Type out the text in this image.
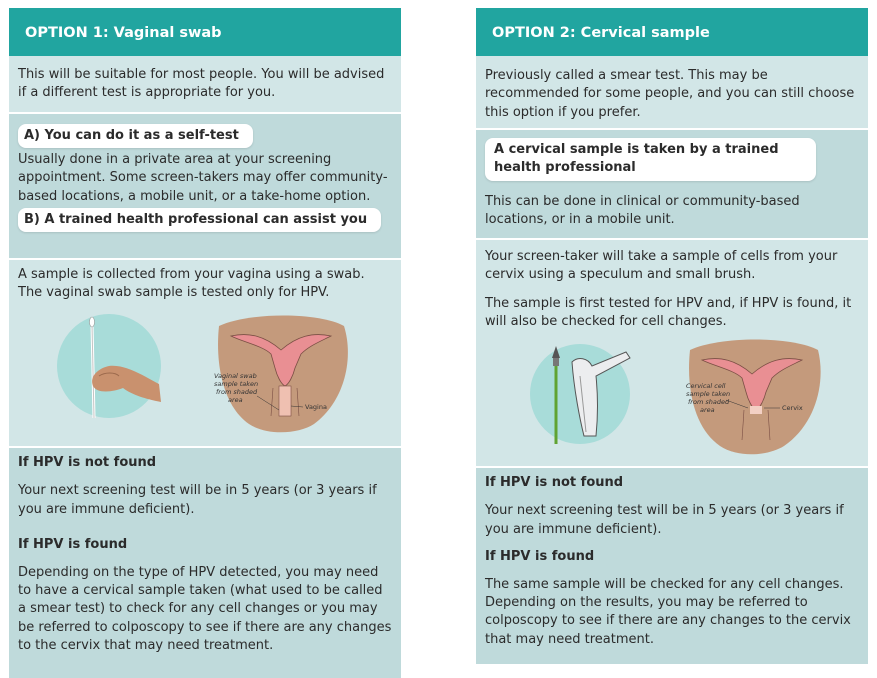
OPTION 1: Vaginal swab

This will be suitable for most people. You will be advised if a different test is appropriate for you.

A) You can do it as a self-test

Usually done in a private area at your screening appointment. Some screen-takers may offer community-based locations, a mobile unit, or a take-home option.

B) A trained health professional can assist you

A sample is collected from your vagina using a swab. The vaginal swab sample is tested only for HPV.

Vaginal swab
sample taken
from shaded
area
Vagina

If HPV is not found

Your next screening test will be in 5 years (or 3 years if you are immune deficient).

If HPV is found

Depending on the type of HPV detected, you may need to have a cervical sample taken (what used to be called a smear test) to check for any cell changes or you may be referred to colposcopy to see if there are any changes to the cervix that may need treatment.

OPTION 2: Cervical sample

Previously called a smear test. This may be recommended for some people, and you can still choose this option if you prefer.

A cervical sample is taken by a trained health professional

This can be done in clinical or community-based locations, or in a mobile unit.

Your screen-taker will take a sample of cells from your cervix using a speculum and small brush.

The sample is first tested for HPV and, if HPV is found, it will also be checked for cell changes.

Cervical cell
sample taken
from shaded
area	Cervix

If HPV is not found

Your next screening test will be in 5 years (or 3 years if you are immune deficient).

If HPV is found

The same sample will be checked for any cell changes. Depending on the results, you may be referred to colposcopy to see if there are any changes to the cervix that may need treatment.
